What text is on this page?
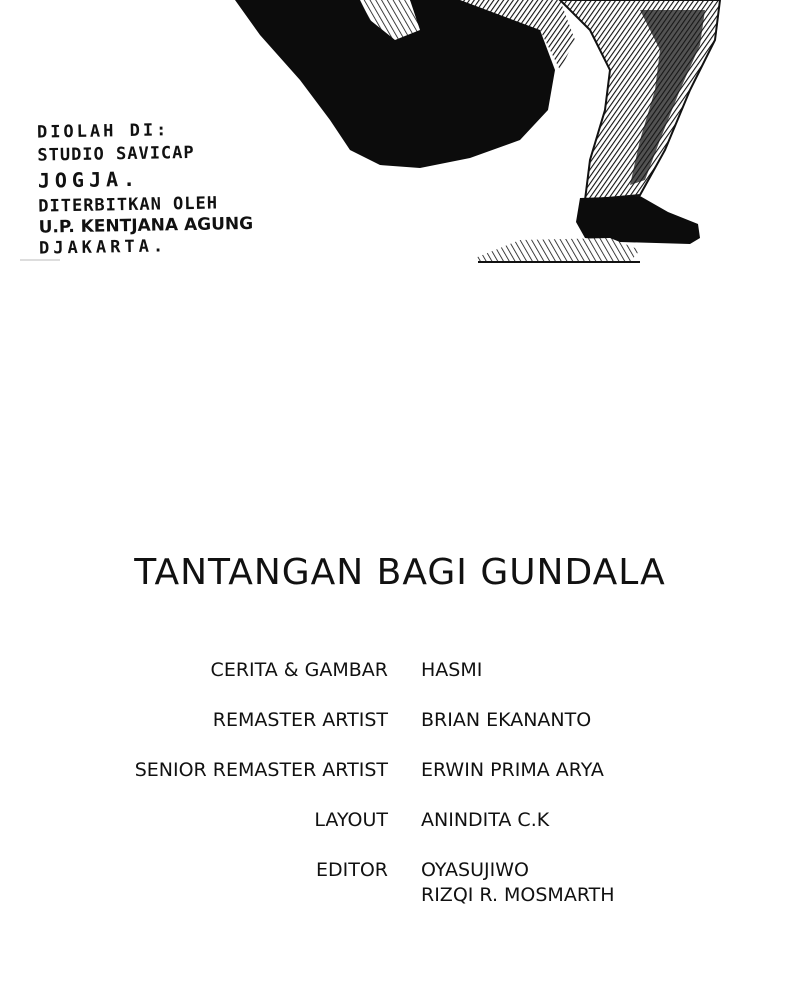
DIOLAH DI:
STUDIO SAVICAP
JOGJA.
DITERBITKAN OLEH
U.P. KENTJANA AGUNG
DJAKARTA.
TANTANGAN BAGI GUNDALA
CERITA & GAMBAR HASMI
REMASTER ARTIST BRIAN EKANANTO
SENIOR REMASTER ARTIST ERWIN PRIMA ARYA
LAYOUT ANINDITA C.K
EDITOR OYASUJIWO
RIZQI R. MOSMARTH
